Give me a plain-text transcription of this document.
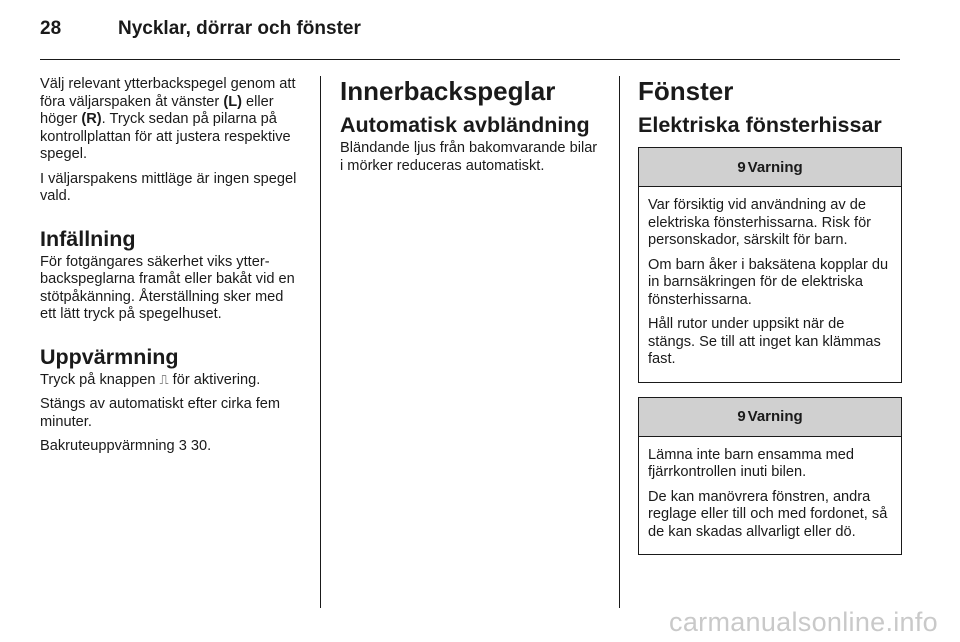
28	Nycklar, dörrar och fönster

Välj relevant ytterbackspegel genom att föra väljarspaken åt vänster (L) eller höger (R). Tryck sedan på pilarna på kontrollplattan för att justera respektive spegel.

I väljarspakens mittläge är ingen spegel vald.

Infällning

För fotgängares säkerhet viks ytterbackspeglarna framåt eller bakåt vid en stötpåkänning. Återställning sker med ett lätt tryck på spegelhuset.

Uppvärmning

Tryck på knappen ⎍ för aktivering.

Stängs av automatiskt efter cirka fem minuter.

Bakruteuppvärmning 3 30.

Innerbackspeglar
Automatisk avbländning

Bländande ljus från bakomvarande bilar i mörker reduceras automatiskt.

Fönster
Elektriska fönsterhissar
9 Varning

Var försiktig vid användning av de elektriska fönsterhissarna. Risk för personskador, särskilt för barn.

Om barn åker i baksätena kopplar du in barnsäkringen för de elektriska fönsterhissarna.

Håll rutor under uppsikt när de stängs. Se till att inget kan klämmas fast.

9 Varning

Lämna inte barn ensamma med fjärrkontrollen inuti bilen.

De kan manövrera fönstren, andra reglage eller till och med fordonet, så de kan skadas allvarligt eller dö.

carmanualsonline.info
